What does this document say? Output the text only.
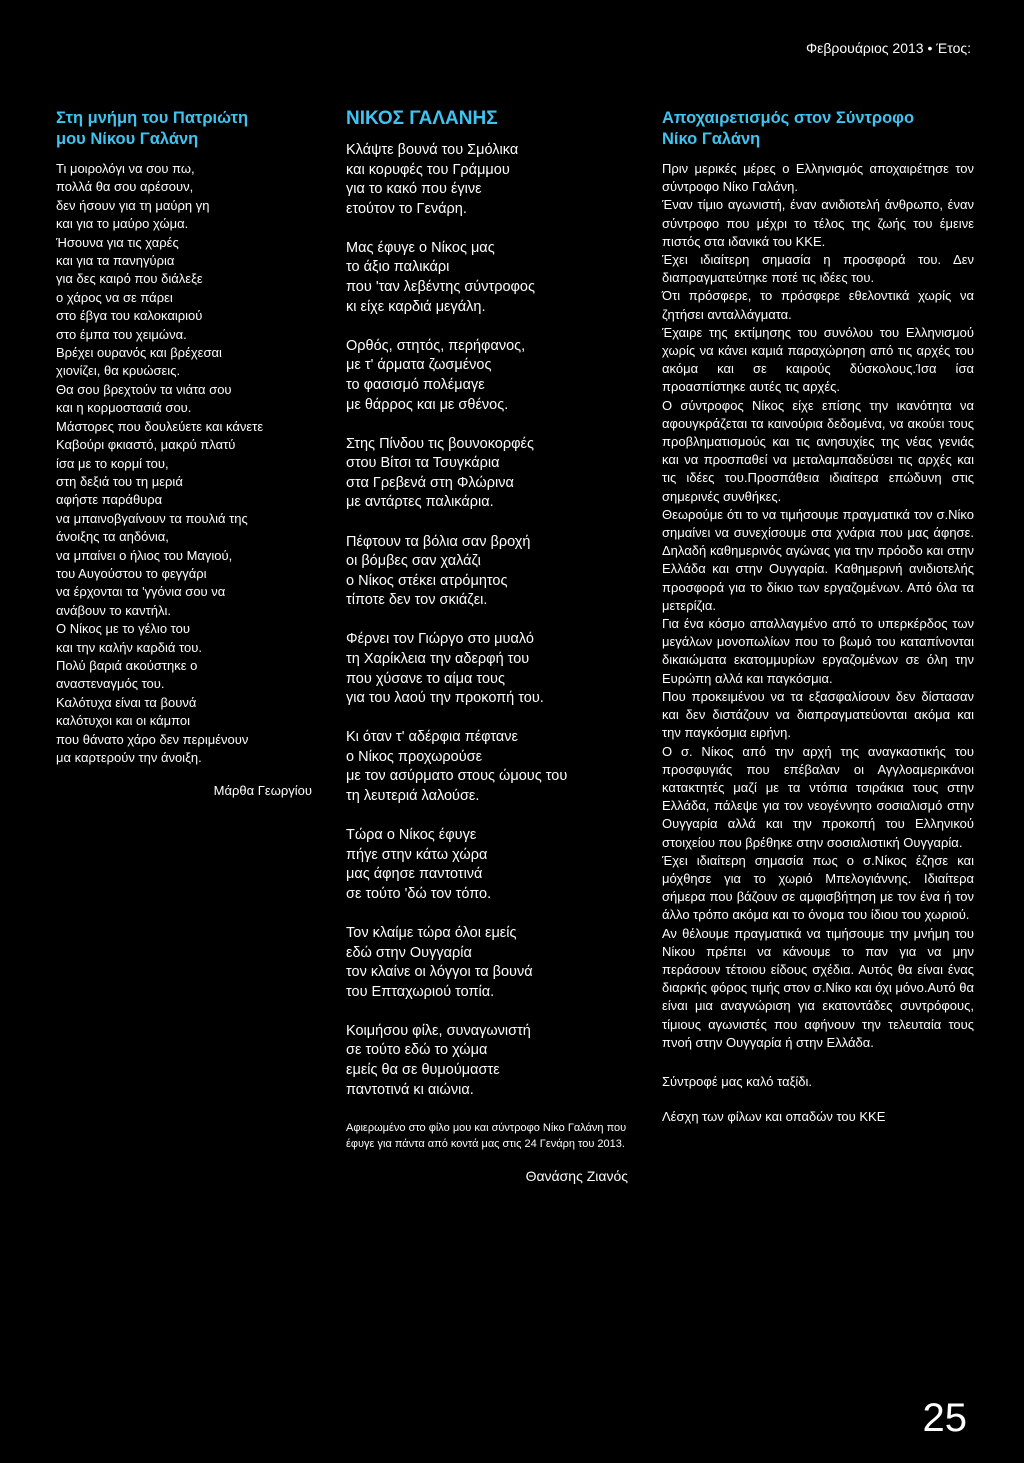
Φεβρουάριος 2013 • Έτος:
Στη μνήμη του Πατριώτη
μου Νίκου Γαλάνη
Τι μοιρολόγι να σου πω,
πολλά θα σου αρέσουν,
δεν ήσουν για τη μαύρη γη
και για το μαύρο χώμα.
Ήσουνα για τις χαρές
και για τα πανηγύρια
για δες καιρό που διάλεξε
ο χάρος να σε πάρει
στο έβγα του καλοκαιριού
στο έμπα του χειμώνα.
Βρέχει ουρανός και βρέχεσαι
χιονίζει, θα κρυώσεις.
Θα σου βρεχτούν τα νιάτα σου
και η κορμοστασιά σου.
Μάστορες που δουλεύετε και κάνετε
Καβούρι φκιαστό, μακρύ πλατύ
ίσα με το κορμί του,
στη δεξιά του τη μεριά
αφήστε παράθυρα
να μπαινοβγαίνουν τα πουλιά της
άνοιξης τα αηδόνια,
να μπαίνει ο ήλιος του Μαγιού,
του Αυγούστου το φεγγάρι
να έρχονται τα 'γγόνια σου να
ανάβουν το καντήλι.
Ο Νίκος με το γέλιο του
και την καλήν καρδιά του.
Πολύ βαριά ακούστηκε ο
αναστεναγμός του.
Καλότυχα είναι τα βουνά
καλότυχοι και οι κάμποι
που θάνατο χάρο δεν περιμένουν
μα καρτερούν την άνοιξη.
Μάρθα Γεωργίου
ΝΙΚΟΣ ΓΑΛΑΝΗΣ
Κλάψτε βουνά του Σμόλικα
και κορυφές του Γράμμου
για το κακό που έγινε
ετούτον το Γενάρη.
Μας έφυγε ο Νίκος μας
το άξιο παλικάρι
που 'ταν λεβέντης σύντροφος
κι είχε καρδιά μεγάλη.
Ορθός, στητός, περήφανος,
με τ' άρματα ζωσμένος
το φασισμό πολέμαγε
με θάρρος και με σθένος.
Στης Πίνδου τις βουνοκορφές
στου Βίτσι τα Τσυγκάρια
στα Γρεβενά στη Φλώρινα
με αντάρτες παλικάρια.
Πέφτουν τα βόλια σαν βροχή
οι βόμβες σαν χαλάζι
ο Νίκος στέκει ατρόμητος
τίποτε δεν τον σκιάζει.
Φέρνει τον Γιώργο στο μυαλό
τη Χαρίκλεια την αδερφή του
που χύσανε το αίμα τους
για του λαού την προκοπή του.
Κι όταν τ' αδέρφια πέφτανε
ο Νίκος προχωρούσε
με τον ασύρματο στους ώμους του
τη λευτεριά λαλούσε.
Τώρα ο Νίκος έφυγε
πήγε στην κάτω χώρα
μας άφησε παντοτινά
σε τούτο 'δώ τον τόπο.
Τον κλαίμε τώρα όλοι εμείς
εδώ στην Ουγγαρία
τον κλαίνε οι λόγγοι τα βουνά
του Επταχωριού τοπία.
Κοιμήσου φίλε, συναγωνιστή
σε τούτο εδώ το χώμα
εμείς θα σε θυμούμαστε
παντοτινά κι αιώνια.
Αφιερωμένο στο φίλο μου και σύντροφο Νίκο Γαλάνη που έφυγε για πάντα από κοντά μας στις 24 Γενάρη του 2013.
Θανάσης Ζιανός
Αποχαιρετισμός στον Σύντροφο
Νίκο Γαλάνη

Πριν μερικές μέρες ο Ελληνισμός αποχαιρέτησε τον σύντροφο Νίκο Γαλάνη.

Έναν τίμιο αγωνιστή, έναν ανιδιοτελή άνθρωπο, έναν σύντροφο που μέχρι το τέλος της ζωής του έμεινε πιστός στα ιδανικά του ΚΚΕ.

Έχει ιδιαίτερη σημασία η προσφορά του. Δεν διαπραγματεύτηκε ποτέ τις ιδέες του.

Ότι πρόσφερε, το πρόσφερε εθελοντικά χωρίς να ζητήσει ανταλλάγματα.

Έχαιρε της εκτίμησης του συνόλου του Ελληνισμού χωρίς να κάνει καμιά παραχώρηση από τις αρχές του ακόμα και σε καιρούς δύσκολους.Ίσα ίσα προασπίστηκε αυτές τις αρχές.

Ο σύντροφος Νίκος είχε επίσης την ικανότητα να αφουγκράζεται τα καινούρια δεδομένα, να ακούει τους προβληματισμούς και τις ανησυχίες της νέας γενιάς και να προσπαθεί να μεταλαμπαδεύσει τις αρχές και τις ιδέες του.Προσπάθεια ιδιαίτερα επώδυνη στις σημερινές συνθήκες.

Θεωρούμε ότι το να τιμήσουμε πραγματικά τον σ.Νίκο σημαίνει να συνεχίσουμε στα χνάρια που μας άφησε. Δηλαδή καθημερινός αγώνας για την πρόοδο και στην Ελλάδα και στην Ουγγαρία. Καθημερινή ανιδιοτελής προσφορά για το δίκιο των εργαζομένων. Από όλα τα μετερίζια.

Για ένα κόσμο απαλλαγμένο από το υπερκέρδος των μεγάλων μονοπωλίων που το βωμό του καταπίνονται δικαιώματα εκατομμυρίων εργαζομένων σε όλη την Ευρώπη αλλά και παγκόσμια.

Που προκειμένου να τα εξασφαλίσουν δεν δίστασαν και δεν διστάζουν να διαπραγματεύονται ακόμα και την παγκόσμια ειρήνη.

Ο σ. Νίκος από την αρχή της αναγκαστικής του προσφυγιάς που επέβαλαν οι Αγγλοαμερικάνοι κατακτητές μαζί με τα ντόπια τσιράκια τους στην Ελλάδα, πάλεψε για τον νεογέννητο σοσιαλισμό στην Ουγγαρία αλλά και την προκοπή του Ελληνικού στοιχείου που βρέθηκε στην σοσιαλιστική Ουγγαρία.

Έχει ιδιαίτερη σημασία πως ο σ.Νίκος έζησε και μόχθησε για το χωριό Μπελογιάννης. Ιδιαίτερα σήμερα που βάζουν σε αμφισβήτηση με τον ένα ή τον άλλο τρόπο ακόμα και το όνομα του ίδιου του χωριού.

Αν θέλουμε πραγματικά να τιμήσουμε την μνήμη του Νίκου πρέπει να κάνουμε το παν για να μην περάσουν τέτοιου είδους σχέδια. Αυτός θα είναι ένας διαρκής φόρος τιμής στον σ.Νίκο και όχι μόνο.Αυτό θα είναι μια αναγνώριση για εκατοντάδες συντρόφους, τίμιους αγωνιστές που αφήνουν την τελευταία τους πνοή στην Ουγγαρία ή στην Ελλάδα.

Σύντροφέ μας καλό ταξίδι.
Λέσχη των φίλων και οπαδών του ΚΚΕ
25
